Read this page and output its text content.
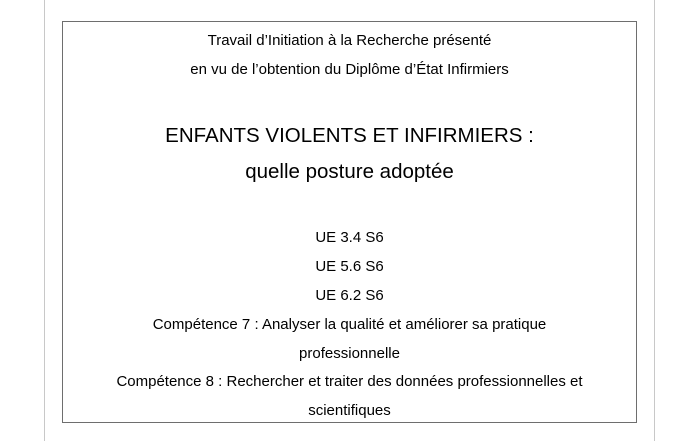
Travail d’Initiation à la Recherche présenté
en vu de l’obtention du Diplôme d’État Infirmiers
ENFANTS VIOLENTS ET INFIRMIERS :
quelle posture adoptée
UE 3.4 S6
UE 5.6 S6
UE 6.2 S6
Compétence 7 : Analyser la qualité et améliorer sa pratique
professionnelle
Compétence 8 : Rechercher et traiter des données professionnelles et
scientifiques
